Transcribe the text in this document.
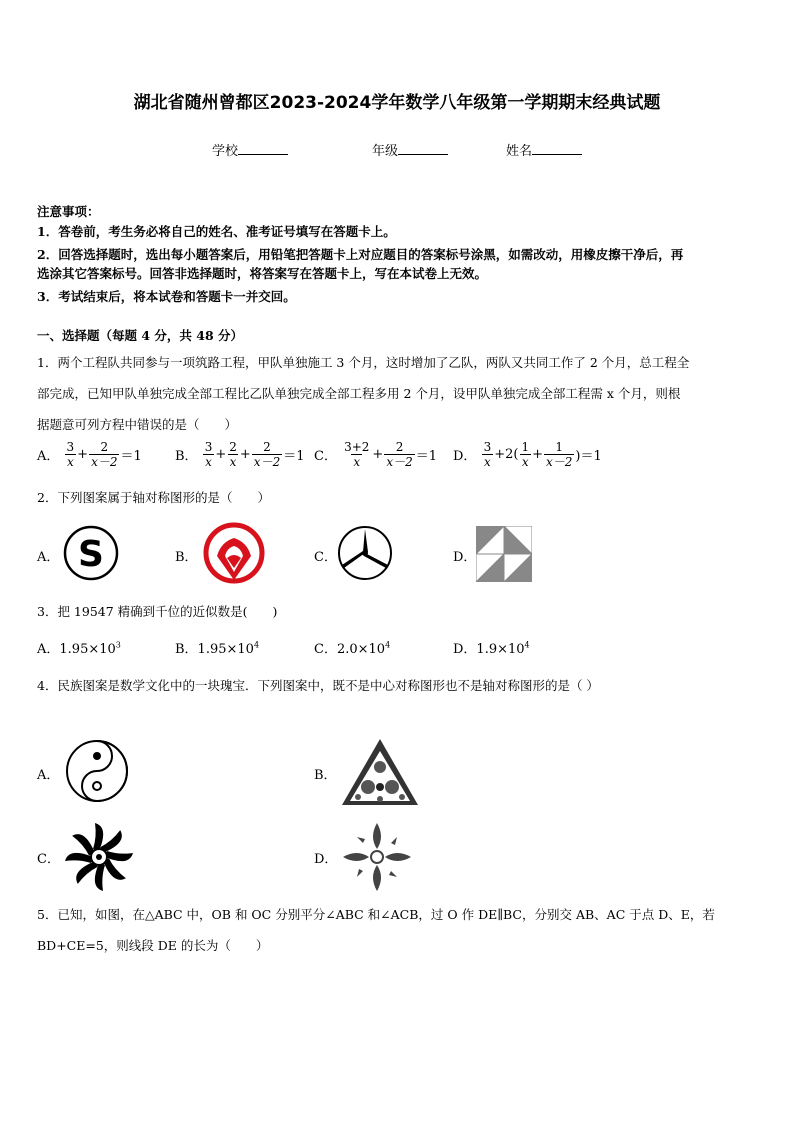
湖北省随州曾都区2023-2024学年数学八年级第一学期期末经典试题
学校	年级	姓名
注意事项：
1．答卷前，考生务必将自己的姓名、准考证号填写在答题卡上。
2．回答选择题时，选出每小题答案后，用铅笔把答题卡上对应题目的答案标号涂黑，如需改动，用橡皮擦干净后，再
选涂其它答案标号。回答非选择题时，将答案写在答题卡上，写在本试卷上无效。
3．考试结束后，将本试卷和答题卡一并交回。
一、选择题（每题 4 分，共 48 分）
1．两个工程队共同参与一项筑路工程，甲队单独施工 3 个月，这时增加了乙队，两队又共同工作了 2 个月，总工程全
部完成，已知甲队单独完成全部工程比乙队单独完成全部工程多用 2 个月，设甲队单独完成全部工程需 x 个月，则根
据题意可列方程中错误的是（　　）
A． $\frac{3}{x} + \frac{2}{x-2} =1$	B． $\frac{3}{x} + \frac{2}{x} + \frac{2}{x-2} =1$ C． $\frac{3+2}{x} + \frac{2}{x-2} =1$ D． $\frac{3}{x} +2( \frac{1}{x} + \frac{1}{x-2} )=1$
2．下列图案属于轴对称图形的是（　　）
A． S	B．	C．	D．
3．把 19547 精确到千位的近似数是(　　)
A．$1.95\times 10^3$	B．$1.95\times 10^4$	C．$2.0\times 10^4$	D．$1.9\times 10^4$
4．民族图案是数学文化中的一块瑰宝．下列图案中，既不是中心对称图形也不是轴对称图形的是（ ）
A．	B．
C．	D．
5．已知，如图，在△ABC 中，OB 和 OC 分别平分∠ABC 和∠ACB，过 O 作 DE∥BC，分别交 AB、AC 于点 D、E，若
BD+CE=5，则线段 DE 的长为（　　）
